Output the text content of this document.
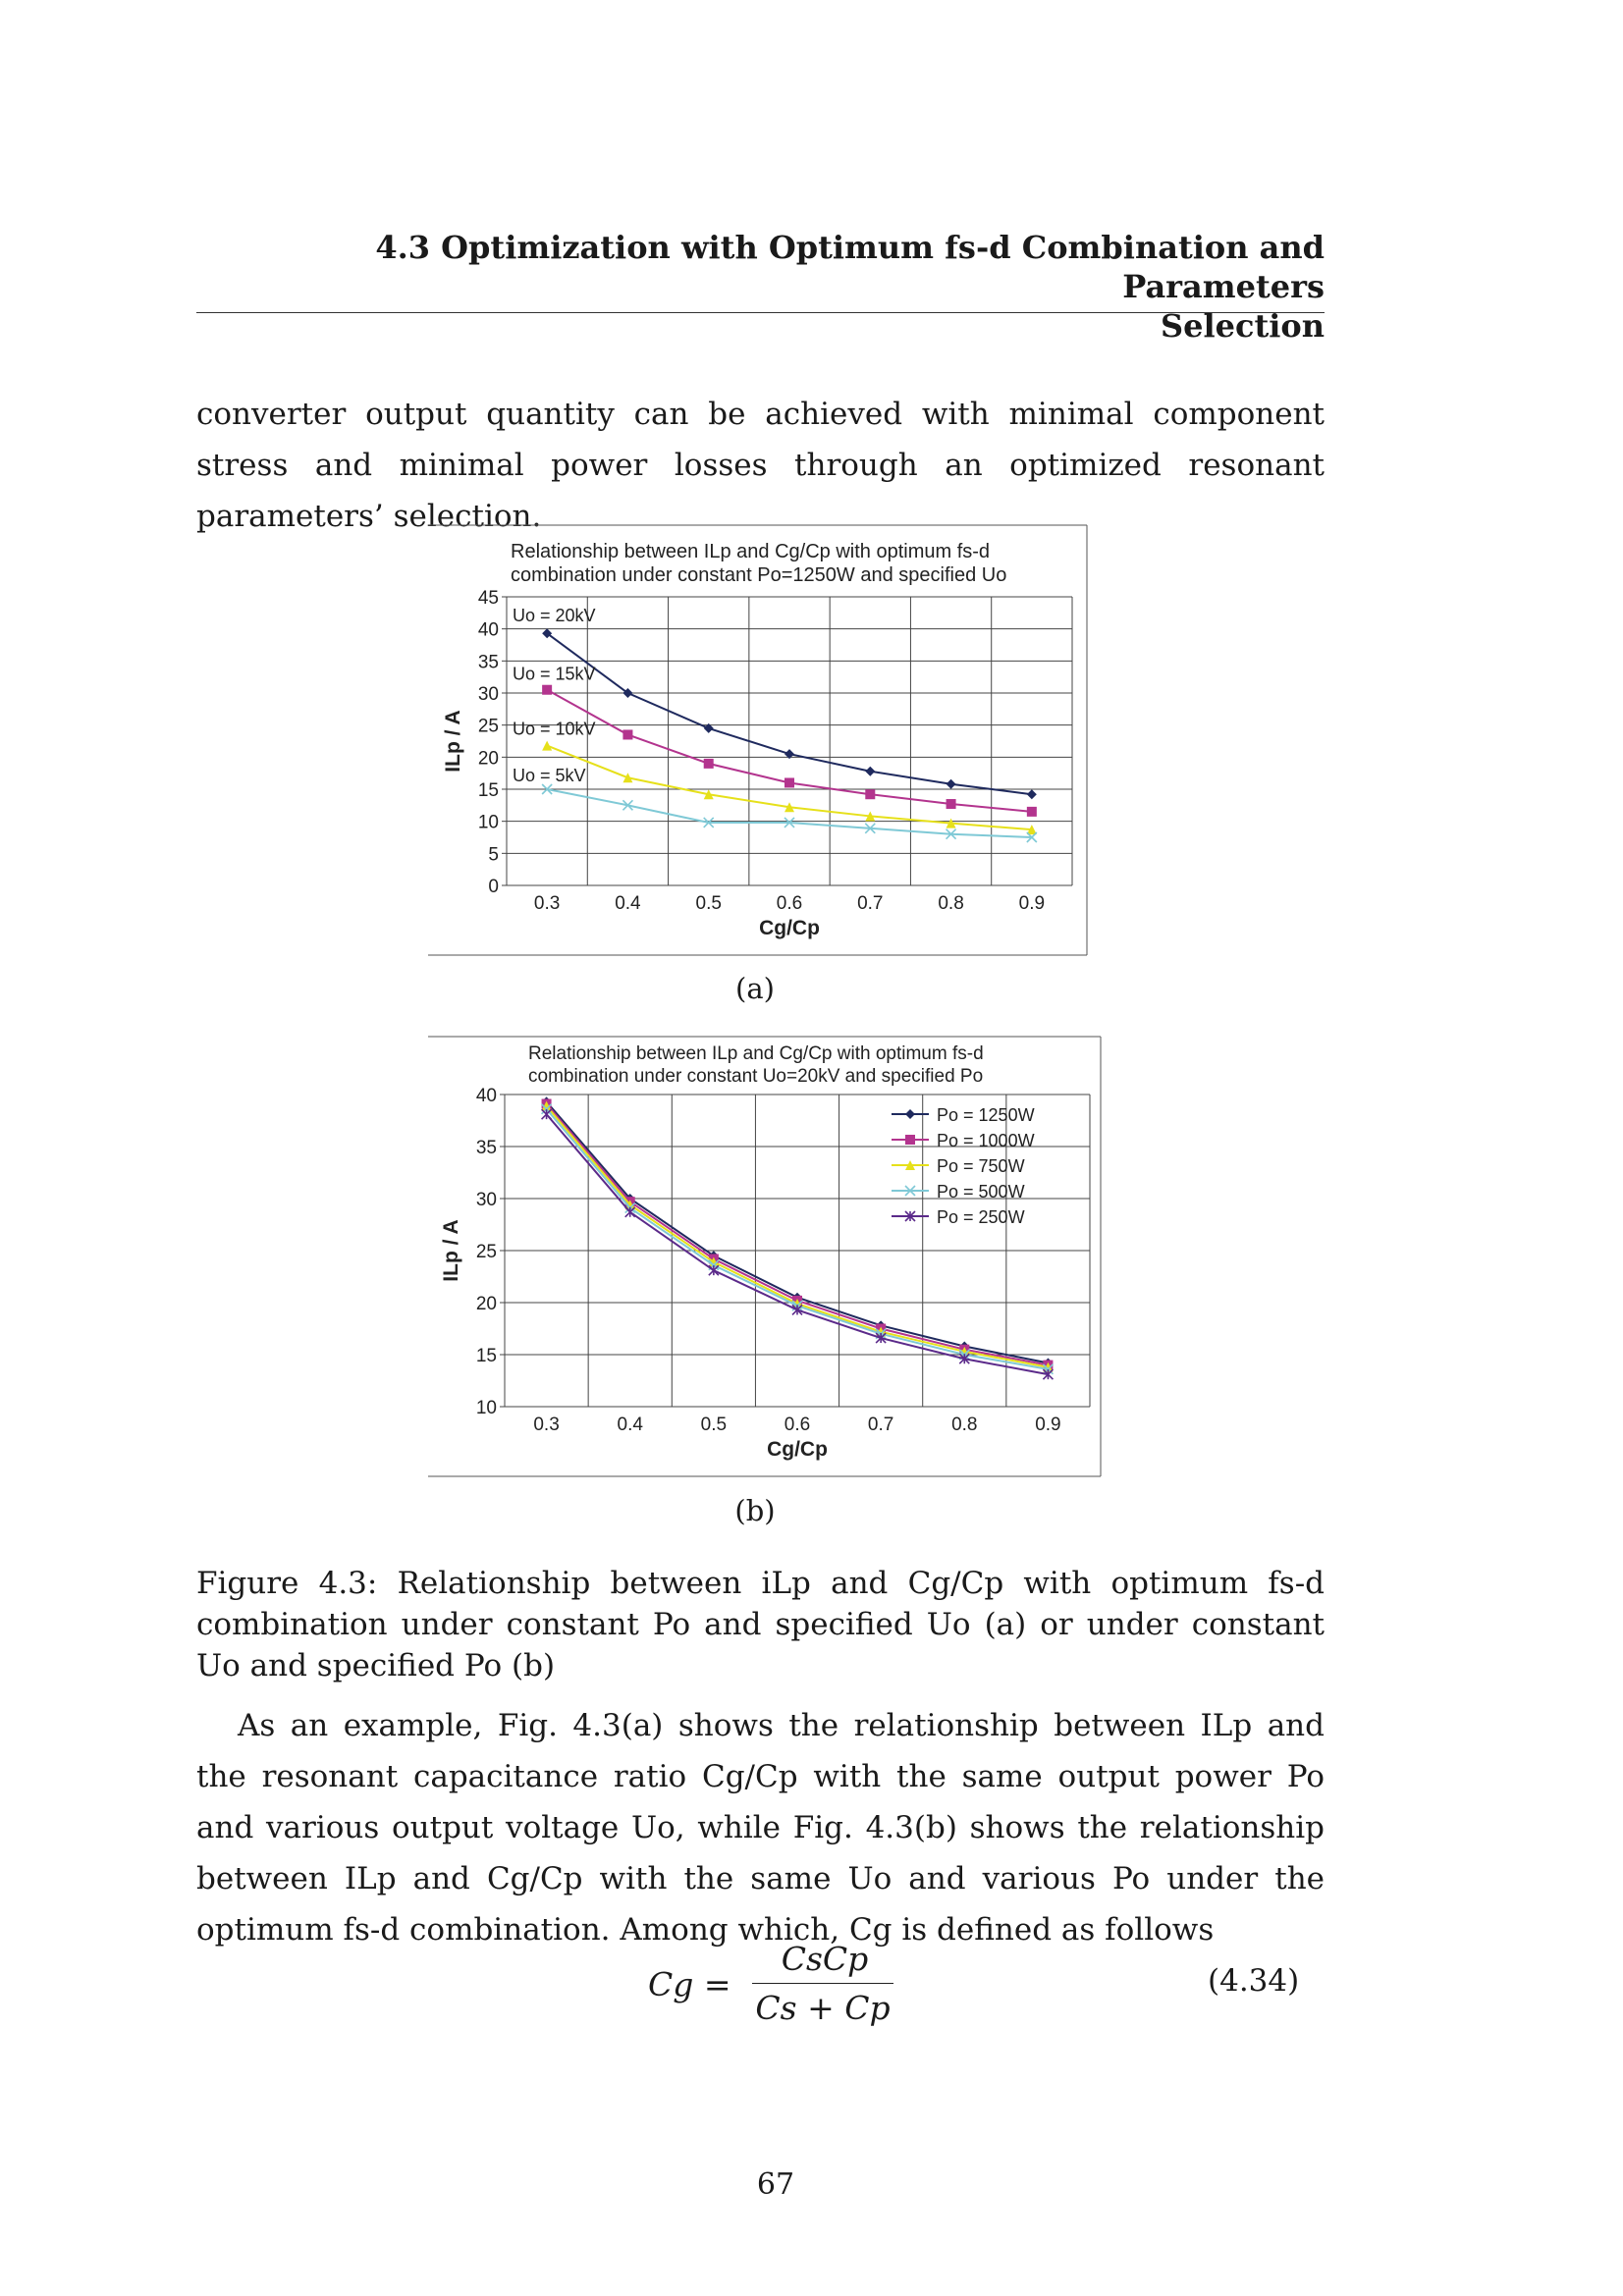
4.3 Optimization with Optimum fs-d Combination and Parameters
Selection
converter output quantity can be achieved with minimal component stress and minimal power losses through an optimized resonant parameters’ selection.
Relationship between ILp and Cg/Cp with optimum fs-d
combination under constant Po=1250W and specified Uo
0
5
10
15
20
25
30
35
40
45
0.3	0.4	0.5	0.6	0.7	0.8	0.9
Cg/Cp
ILp / A
Uo = 20kV
Uo = 15kV
Uo = 10kV
Uo = 5kV
(a)
Relationship between ILp and Cg/Cp with optimum fs-d
combination under constant Uo=20kV and specified Po
10
15
20
25
30
35
40
0.3	0.4	0.5	0.6	0.7	0.8	0.9
Cg/Cp
ILp / A
Po = 1250W
Po = 1000W
Po = 750W
Po = 500W
Po = 250W
(b)
Figure 4.3: Relationship between iLp and Cg/Cp with optimum fs-d combination under constant Po and specified Uo (a) or under constant Uo and specified Po (b)

As an example, Fig. 4.3(a) shows the relationship between ILp and the resonant capacitance ratio Cg/Cp with the same output power Po and various output voltage Uo, while Fig. 4.3(b) shows the relationship between ILp and Cg/Cp with the same Uo and various Po under the optimum fs-d combination. Among which, Cg is defined as follows

Cg =
CsCp
Cs + Cp
(4.34)
67
